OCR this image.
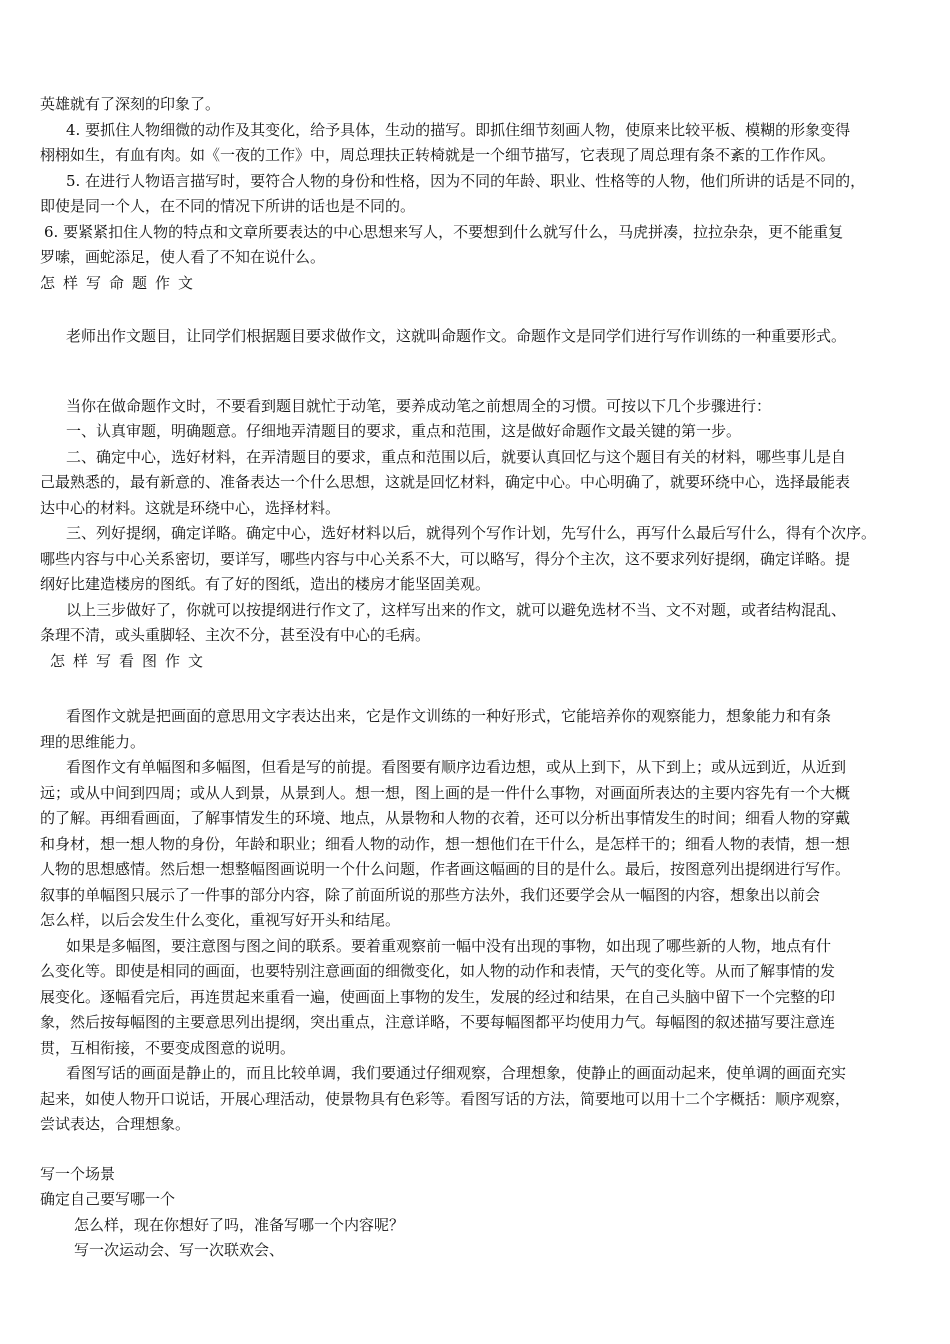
英雄就有了深刻的印象了。
4. 要抓住人物细微的动作及其变化，给予具体，生动的描写。即抓住细节刻画人物，使原来比较平板、模糊的形象变得
栩栩如生，有血有肉。如《一夜的工作》中，周总理扶正转椅就是一个细节描写，它表现了周总理有条不紊的工作作风。
5. 在进行人物语言描写时，要符合人物的身份和性格，因为不同的年龄、职业、性格等的人物，他们所讲的话是不同的，
即使是同一个人，在不同的情况下所讲的话也是不同的。
6. 要紧紧扣住人物的特点和文章所要表达的中心思想来写人，不要想到什么就写什么，马虎拼凑，拉拉杂杂，更不能重复
罗嗦，画蛇添足，使人看了不知在说什么。
怎样写命题作文
老师出作文题目，让同学们根据题目要求做作文，这就叫命题作文。命题作文是同学们进行写作训练的一种重要形式。
当你在做命题作文时，不要看到题目就忙于动笔，要养成动笔之前想周全的习惯。可按以下几个步骤进行：
一、认真审题，明确题意。仔细地弄清题目的要求，重点和范围，这是做好命题作文最关键的第一步。
二、确定中心，选好材料，在弄清题目的要求，重点和范围以后，就要认真回忆与这个题目有关的材料，哪些事儿是自
己最熟悉的，最有新意的、准备表达一个什么思想，这就是回忆材料，确定中心。中心明确了，就要环绕中心，选择最能表
达中心的材料。这就是环绕中心，选择材料。
三、列好提纲，确定详略。确定中心，选好材料以后，就得列个写作计划，先写什么，再写什么最后写什么，得有个次序。
哪些内容与中心关系密切，要详写，哪些内容与中心关系不大，可以略写，得分个主次，这不要求列好提纲，确定详略。提
纲好比建造楼房的图纸。有了好的图纸，造出的楼房才能坚固美观。
以上三步做好了，你就可以按提纲进行作文了，这样写出来的作文，就可以避免选材不当、文不对题，或者结构混乱、
条理不清，或头重脚轻、主次不分，甚至没有中心的毛病。
怎样写看图作文
看图作文就是把画面的意思用文字表达出来，它是作文训练的一种好形式，它能培养你的观察能力，想象能力和有条
理的思维能力。
看图作文有单幅图和多幅图，但看是写的前提。看图要有顺序边看边想，或从上到下，从下到上；或从远到近，从近到
远；或从中间到四周；或从人到景，从景到人。想一想，图上画的是一件什么事物，对画面所表达的主要内容先有一个大概
的了解。再细看画面，了解事情发生的环境、地点，从景物和人物的衣着，还可以分析出事情发生的时间；细看人物的穿戴
和身材，想一想人物的身份，年龄和职业；细看人物的动作，想一想他们在干什么，是怎样干的；细看人物的表情，想一想
人物的思想感情。然后想一想整幅图画说明一个什么问题，作者画这幅画的目的是什么。最后，按图意列出提纲进行写作。
叙事的单幅图只展示了一件事的部分内容，除了前面所说的那些方法外，我们还要学会从一幅图的内容，想象出以前会
怎么样，以后会发生什么变化，重视写好开头和结尾。
如果是多幅图，要注意图与图之间的联系。要着重观察前一幅中没有出现的事物，如出现了哪些新的人物，地点有什
么变化等。即使是相同的画面，也要特别注意画面的细微变化，如人物的动作和表情，天气的变化等。从而了解事情的发
展变化。逐幅看完后，再连贯起来重看一遍，使画面上事物的发生，发展的经过和结果，在自己头脑中留下一个完整的印
象，然后按每幅图的主要意思列出提纲，突出重点，注意详略，不要每幅图都平均使用力气。每幅图的叙述描写要注意连
贯，互相衔接，不要变成图意的说明。
看图写话的画面是静止的，而且比较单调，我们要通过仔细观察，合理想象，使静止的画面动起来，使单调的画面充实
起来，如使人物开口说话，开展心理活动，使景物具有色彩等。看图写话的方法，简要地可以用十二个字概括：顺序观察，
尝试表达，合理想象。
写一个场景
确定自己要写哪一个
怎么样，现在你想好了吗，准备写哪一个内容呢？
写一次运动会、写一次联欢会、
